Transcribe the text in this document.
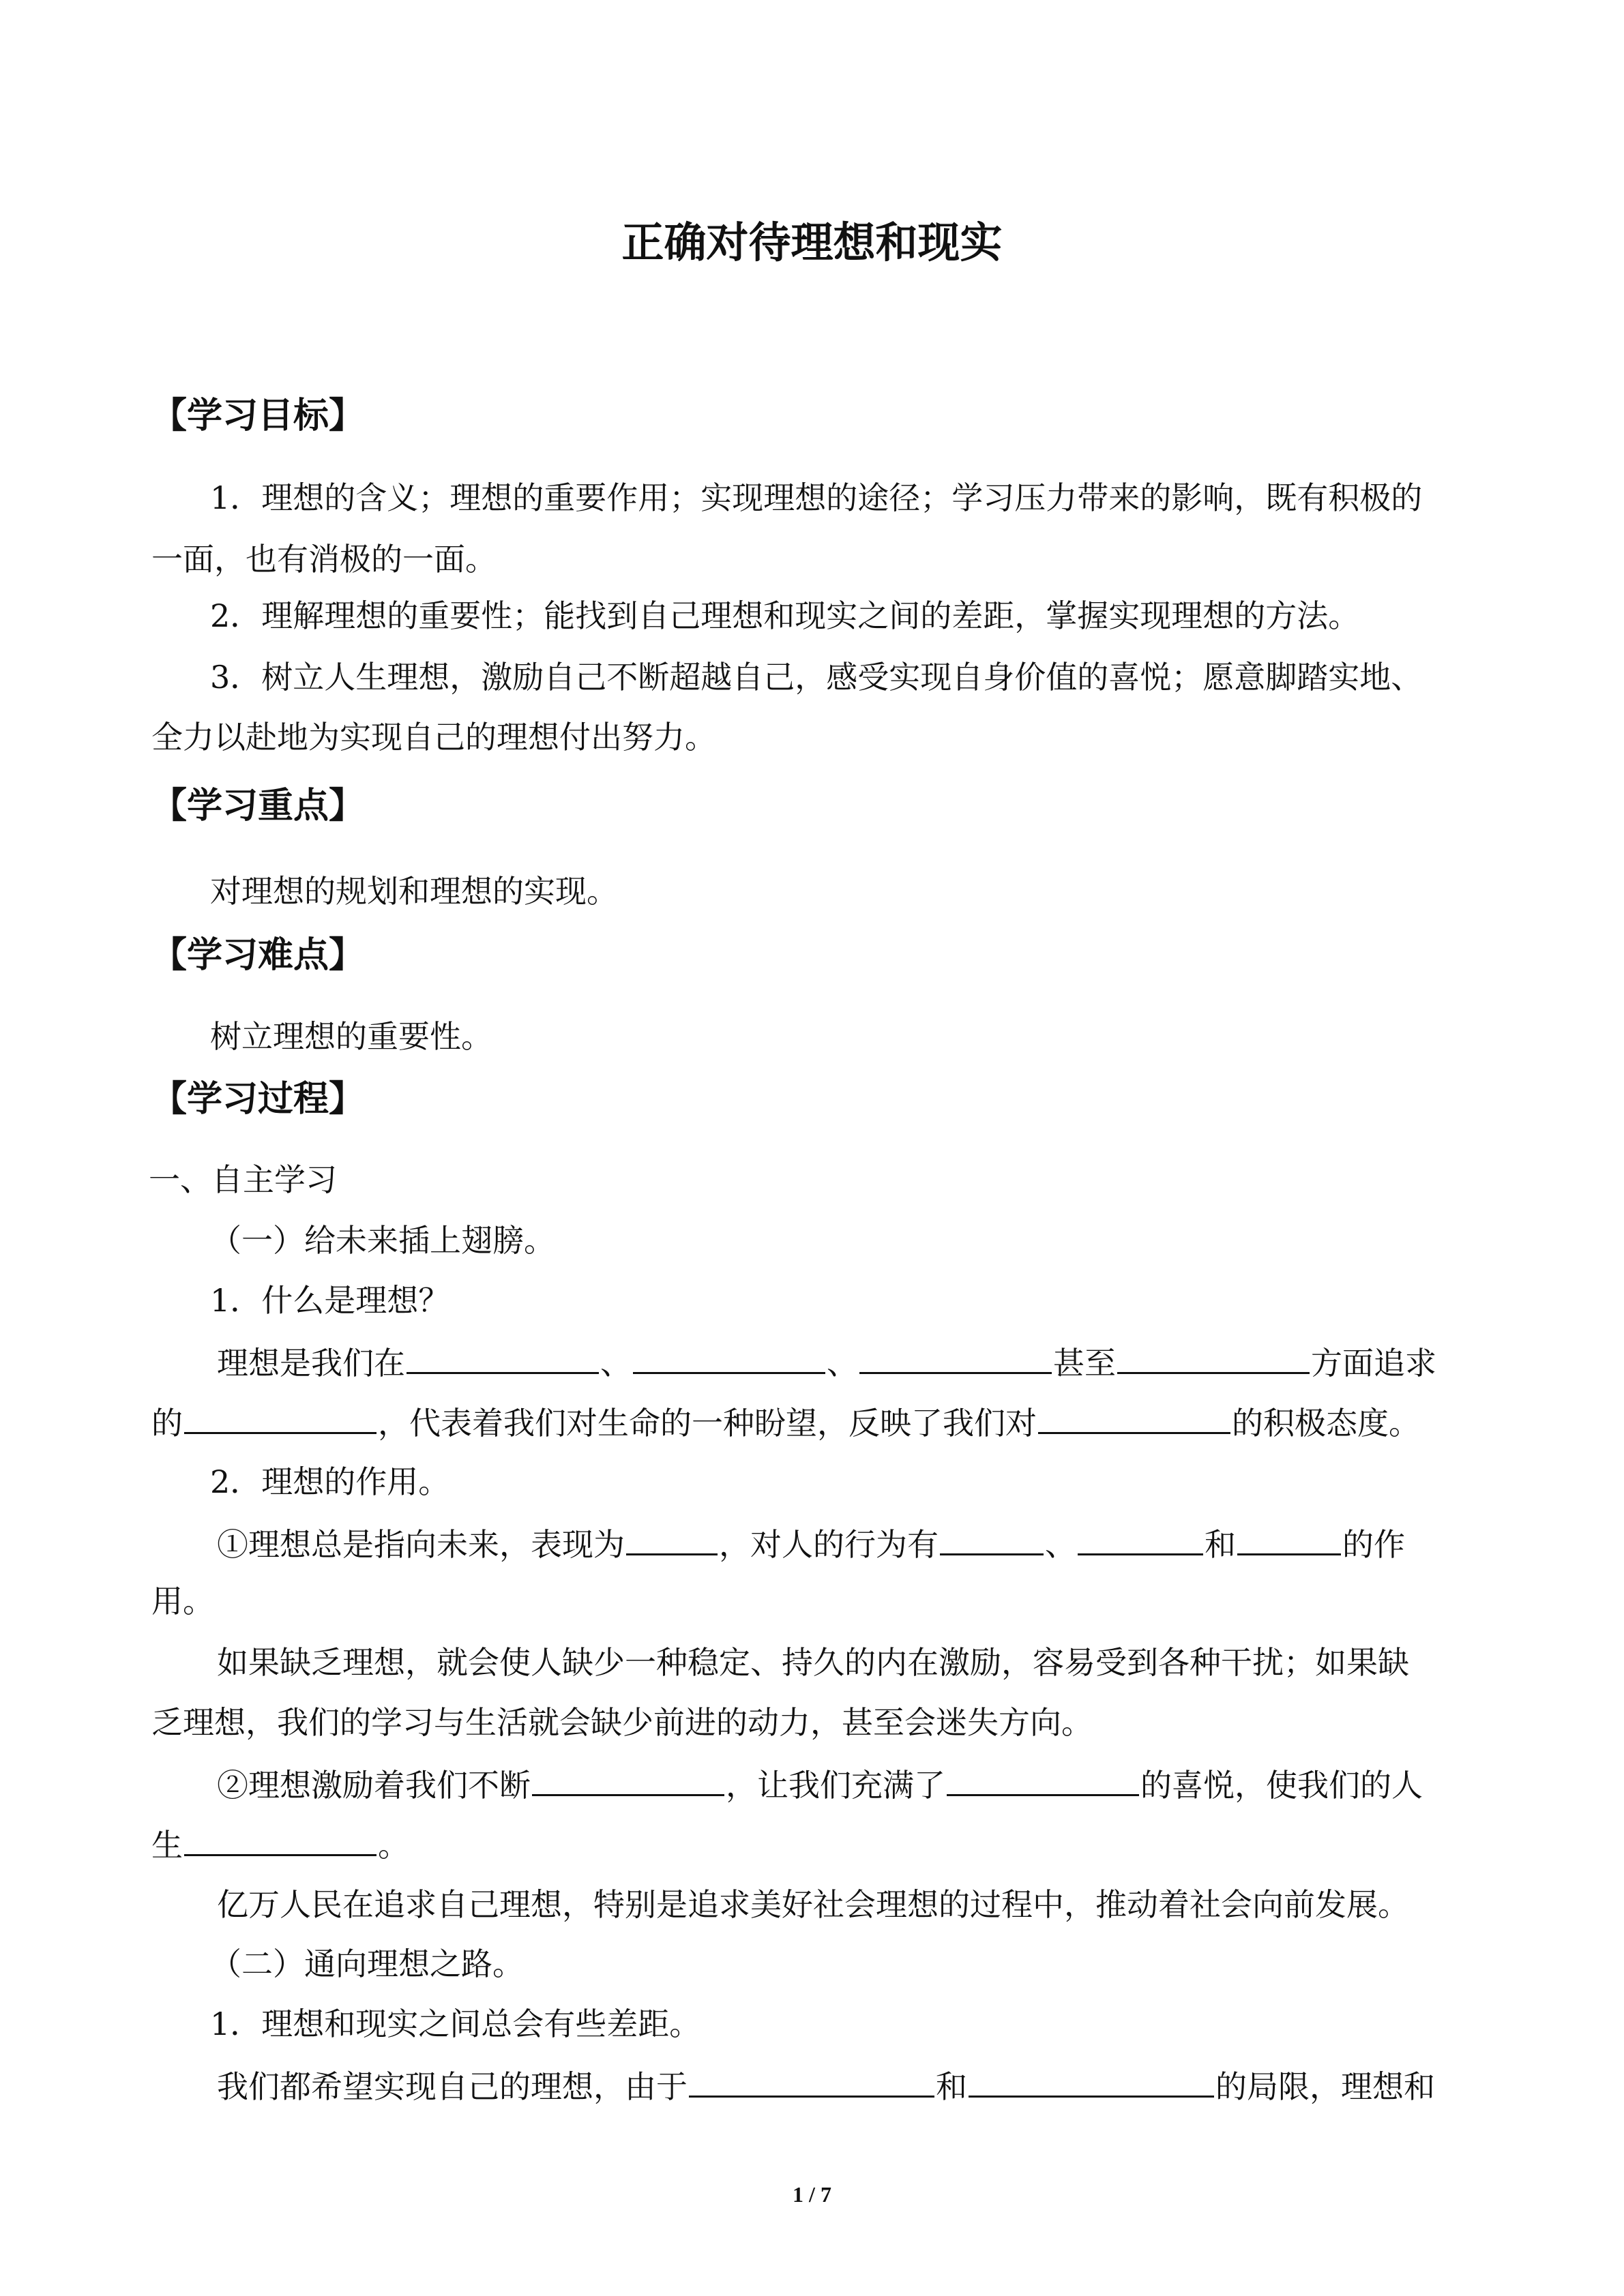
正确对待理想和现实
【学习目标】
1．理想的含义；理想的重要作用；实现理想的途径；学习压力带来的影响，既有积极的
一面，也有消极的一面。
2．理解理想的重要性；能找到自己理想和现实之间的差距，掌握实现理想的方法。
3．树立人生理想，激励自己不断超越自己，感受实现自身价值的喜悦；愿意脚踏实地、
全力以赴地为实现自己的理想付出努力。
【学习重点】
对理想的规划和理想的实现。
【学习难点】
树立理想的重要性。
【学习过程】
一、自主学习
（一）给未来插上翅膀。
1．什么是理想？
理想是我们在	、	、	甚至	方面追求
的	，代表着我们对生命的一种盼望，反映了我们对	的积极态度。
2．理想的作用。
①理想总是指向未来，表现为	，对人的行为有	、	和	的作
用。
如果缺乏理想，就会使人缺少一种稳定、持久的内在激励，容易受到各种干扰；如果缺
乏理想，我们的学习与生活就会缺少前进的动力，甚至会迷失方向。
②理想激励着我们不断	，让我们充满了	的喜悦，使我们的人
生	。
亿万人民在追求自己理想，特别是追求美好社会理想的过程中，推动着社会向前发展。
（二）通向理想之路。
1．理想和现实之间总会有些差距。
我们都希望实现自己的理想，由于	和	的局限，理想和
1 / 7
